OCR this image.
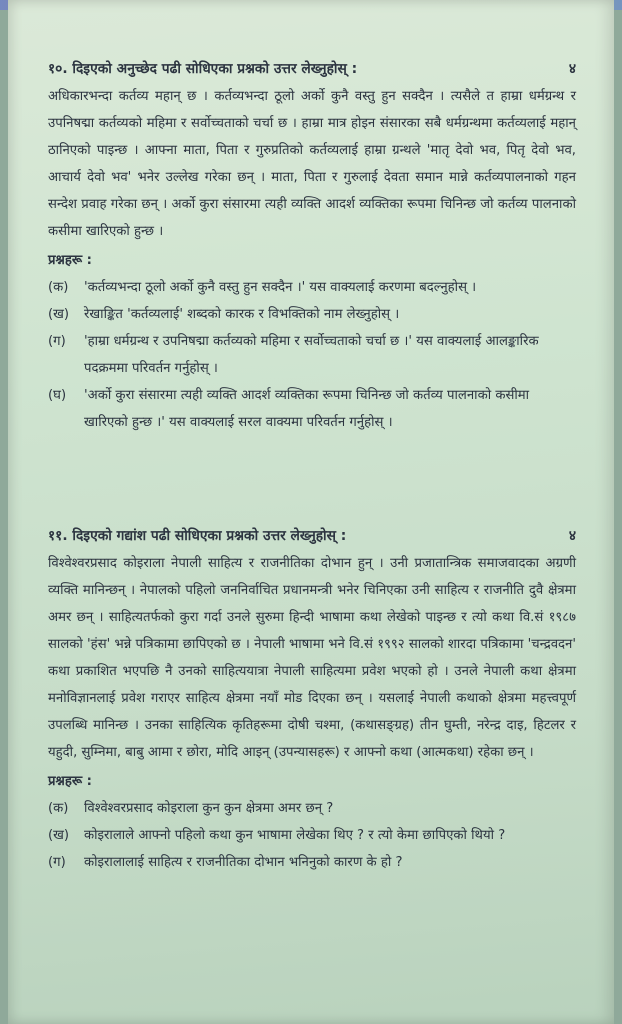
१०. दिइएको अनुच्छेद पढी सोधिएका प्रश्नको उत्तर लेख्नुहोस् :	४
अधिकारभन्दा कर्तव्य महान् छ । कर्तव्यभन्दा ठूलो अर्को कुनै वस्तु हुन सक्दैन । त्यसैले त हाम्रा धर्मग्रन्थ र उपनिषद्मा कर्तव्यको महिमा र सर्वोच्चताको चर्चा छ । हाम्रा मात्र होइन संसारका सबै धर्मग्रन्थमा कर्तव्यलाई महान् ठानिएको पाइन्छ । आफ्ना माता, पिता र गुरुप्रतिको कर्तव्यलाई हाम्रा ग्रन्थले 'मातृ देवो भव, पितृ देवो भव, आचार्य देवो भव' भनेर उल्लेख गरेका छन् । माता, पिता र गुरुलाई देवता समान मान्ने कर्तव्यपालनाको गहन सन्देश प्रवाह गरेका छन् । अर्को कुरा संसारमा त्यही व्यक्ति आदर्श व्यक्तिका रूपमा चिनिन्छ जो कर्तव्य पालनाको कसीमा खारिएको हुन्छ ।
प्रश्नहरू :
(क)	'कर्तव्यभन्दा ठूलो अर्को कुनै वस्तु हुन सक्दैन ।' यस वाक्यलाई करणमा बदल्नुहोस् ।
(ख)	रेखाङ्कित 'कर्तव्यलाई' शब्दको कारक र विभक्तिको नाम लेख्नुहोस् ।
(ग)	'हाम्रा धर्मग्रन्थ र उपनिषद्मा कर्तव्यको महिमा र सर्वोच्चताको चर्चा छ ।' यस वाक्यलाई आलङ्कारिक पदक्रममा परिवर्तन गर्नुहोस् ।
(घ)	'अर्को कुरा संसारमा त्यही व्यक्ति आदर्श व्यक्तिका रूपमा चिनिन्छ जो कर्तव्य पालनाको कसीमा खारिएको हुन्छ ।' यस वाक्यलाई सरल वाक्यमा परिवर्तन गर्नुहोस् ।
११. दिइएको गद्यांश पढी सोधिएका प्रश्नको उत्तर लेख्नुहोस् :	४
विश्वेश्वरप्रसाद कोइराला नेपाली साहित्य र राजनीतिका दोभान हुन् । उनी प्रजातान्त्रिक समाजवादका अग्रणी व्यक्ति मानिन्छन् । नेपालको पहिलो जननिर्वाचित प्रधानमन्त्री भनेर चिनिएका उनी साहित्य र राजनीति दुवै क्षेत्रमा अमर छन् । साहित्यतर्फको कुरा गर्दा उनले सुरुमा हिन्दी भाषामा कथा लेखेको पाइन्छ र त्यो कथा वि.सं १९८७ सालको 'हंस' भन्ने पत्रिकामा छापिएको छ । नेपाली भाषामा भने वि.सं १९९२ सालको शारदा पत्रिकामा 'चन्द्रवदन' कथा प्रकाशित भएपछि नै उनको साहित्ययात्रा नेपाली साहित्यमा प्रवेश भएको हो । उनले नेपाली कथा क्षेत्रमा मनोविज्ञानलाई प्रवेश गराएर साहित्य क्षेत्रमा नयाँ मोड दिएका छन् । यसलाई नेपाली कथाको क्षेत्रमा महत्त्वपूर्ण उपलब्धि मानिन्छ । उनका साहित्यिक कृतिहरूमा दोषी चश्मा, (कथासङ्ग्रह) तीन घुम्ती, नरेन्द्र दाइ, हिटलर र यहुदी, सुम्निमा, बाबु आमा र छोरा, मोदि आइन् (उपन्यासहरू) र आफ्नो कथा (आत्मकथा) रहेका छन् ।
प्रश्नहरू :
(क)	विश्वेश्वरप्रसाद कोइराला कुन कुन क्षेत्रमा अमर छन् ?
(ख)	कोइरालाले आफ्नो पहिलो कथा कुन भाषामा लेखेका थिए ? र त्यो केमा छापिएको थियो ?
(ग)	कोइरालालाई साहित्य र राजनीतिका दोभान भनिनुको कारण के हो ?
